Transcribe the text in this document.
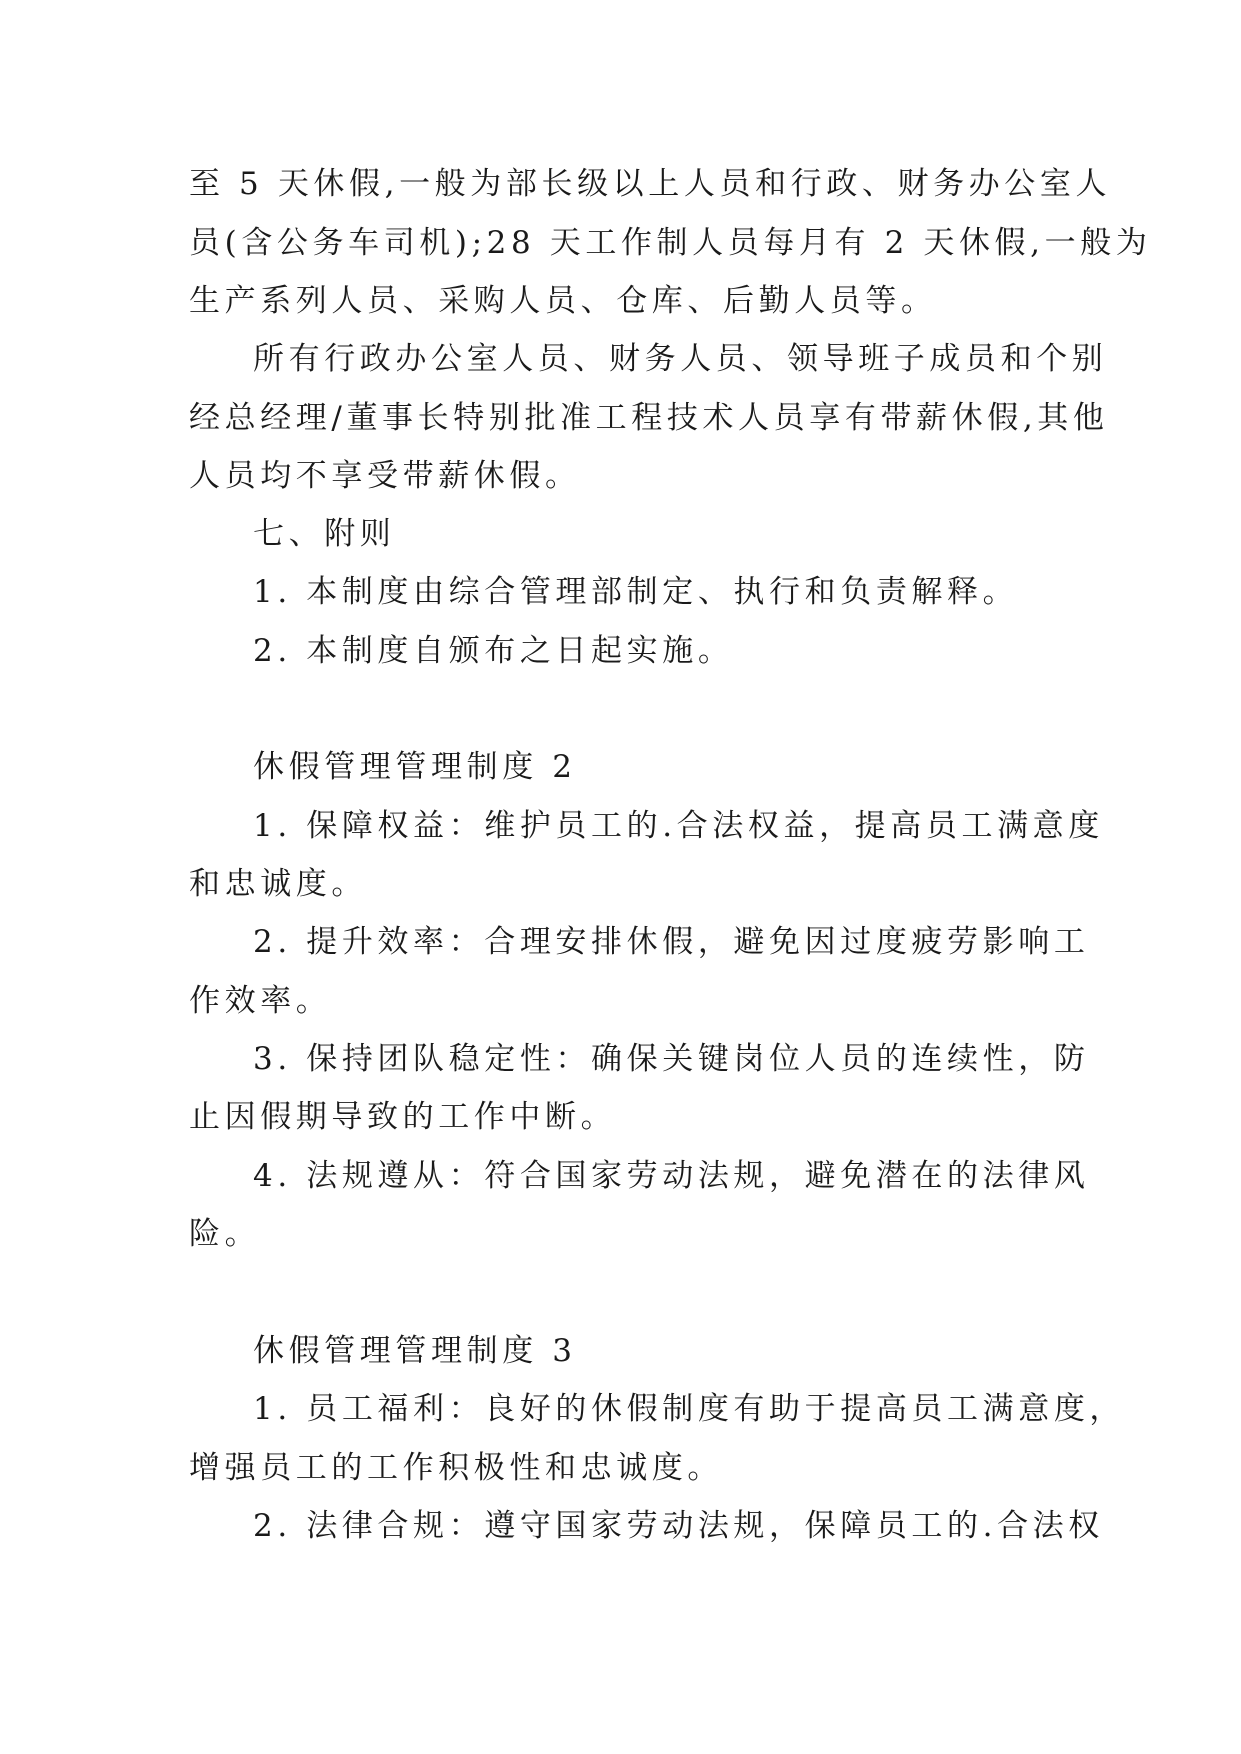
至 5 天休假,一般为部长级以上人员和行政、财务办公室人
员(含公务车司机);28 天工作制人员每月有 2 天休假,一般为
生产系列人员、采购人员、仓库、后勤人员等。
所有行政办公室人员、财务人员、领导班子成员和个别
经总经理/董事长特别批准工程技术人员享有带薪休假,其他
人员均不享受带薪休假。
七、附则
1. 本制度由综合管理部制定、执行和负责解释。
2. 本制度自颁布之日起实施。
休假管理管理制度 2
1. 保障权益：维护员工的.合法权益，提高员工满意度
和忠诚度。
2. 提升效率：合理安排休假，避免因过度疲劳影响工
作效率。
3. 保持团队稳定性：确保关键岗位人员的连续性，防
止因假期导致的工作中断。
4. 法规遵从：符合国家劳动法规，避免潜在的法律风
险。
休假管理管理制度 3
1. 员工福利：良好的休假制度有助于提高员工满意度，
增强员工的工作积极性和忠诚度。
2. 法律合规：遵守国家劳动法规，保障员工的.合法权
